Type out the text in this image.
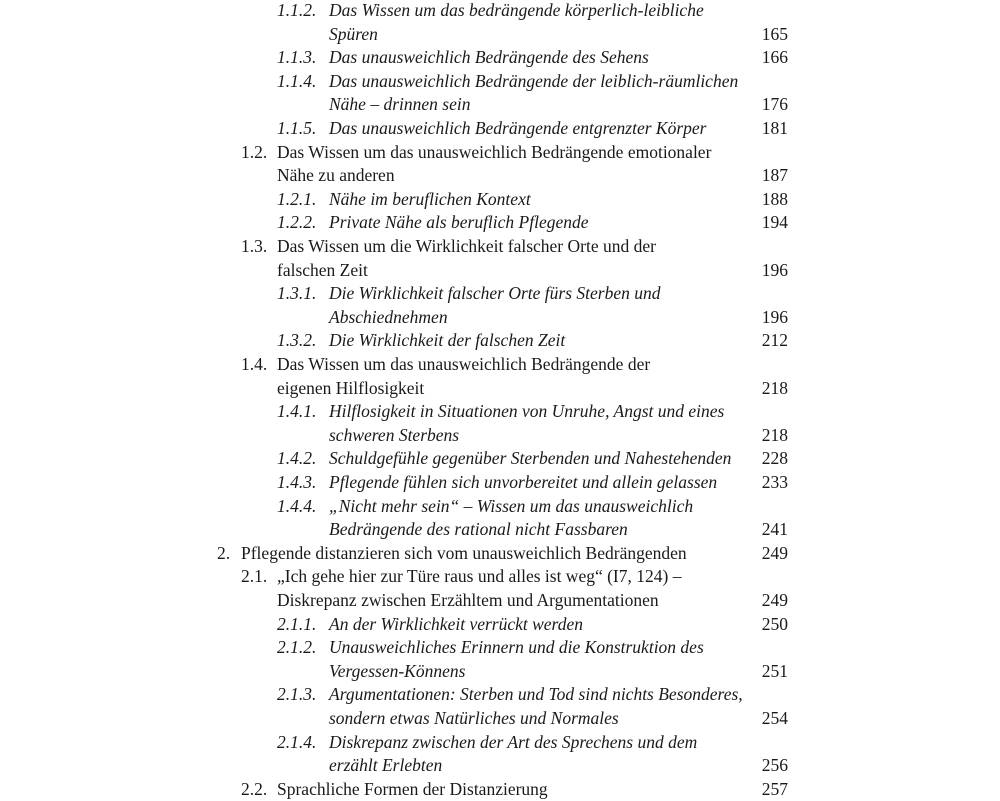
1.1.2. Das Wissen um das bedrängende körperlich-leibliche
Spüren	165
1.1.3. Das unausweichlich Bedrängende des Sehens	166
1.1.4. Das unausweichlich Bedrängende der leiblich-räumlichen
Nähe – drinnen sein	176
1.1.5. Das unausweichlich Bedrängende entgrenzter Körper	181
1.2. Das Wissen um das unausweichlich Bedrängende emotionaler
Nähe zu anderen	187
1.2.1. Nähe im beruflichen Kontext	188
1.2.2. Private Nähe als beruflich Pflegende	194
1.3. Das Wissen um die Wirklichkeit falscher Orte und der
falschen Zeit	196
1.3.1. Die Wirklichkeit falscher Orte fürs Sterben und
Abschiednehmen	196
1.3.2. Die Wirklichkeit der falschen Zeit	212
1.4. Das Wissen um das unausweichlich Bedrängende der
eigenen Hilflosigkeit	218
1.4.1. Hilflosigkeit in Situationen von Unruhe, Angst und eines
schweren Sterbens	218
1.4.2. Schuldgefühle gegenüber Sterbenden und Nahestehenden	228
1.4.3. Pflegende fühlen sich unvorbereitet und allein gelassen	233
1.4.4. „Nicht mehr sein“ – Wissen um das unausweichlich
Bedrängende des rational nicht Fassbaren	241
2. Pflegende distanzieren sich vom unausweichlich Bedrängenden	249
2.1. „Ich gehe hier zur Türe raus und alles ist weg“ (I7, 124) –
Diskrepanz zwischen Erzähltem und Argumentationen	249
2.1.1. An der Wirklichkeit verrückt werden	250
2.1.2. Unausweichliches Erinnern und die Konstruktion des
Vergessen-Könnens	251
2.1.3. Argumentationen: Sterben und Tod sind nichts Besonderes,
sondern etwas Natürliches und Normales	254
2.1.4. Diskrepanz zwischen der Art des Sprechens und dem
erzählt Erlebten	256
2.2. Sprachliche Formen der Distanzierung	257
